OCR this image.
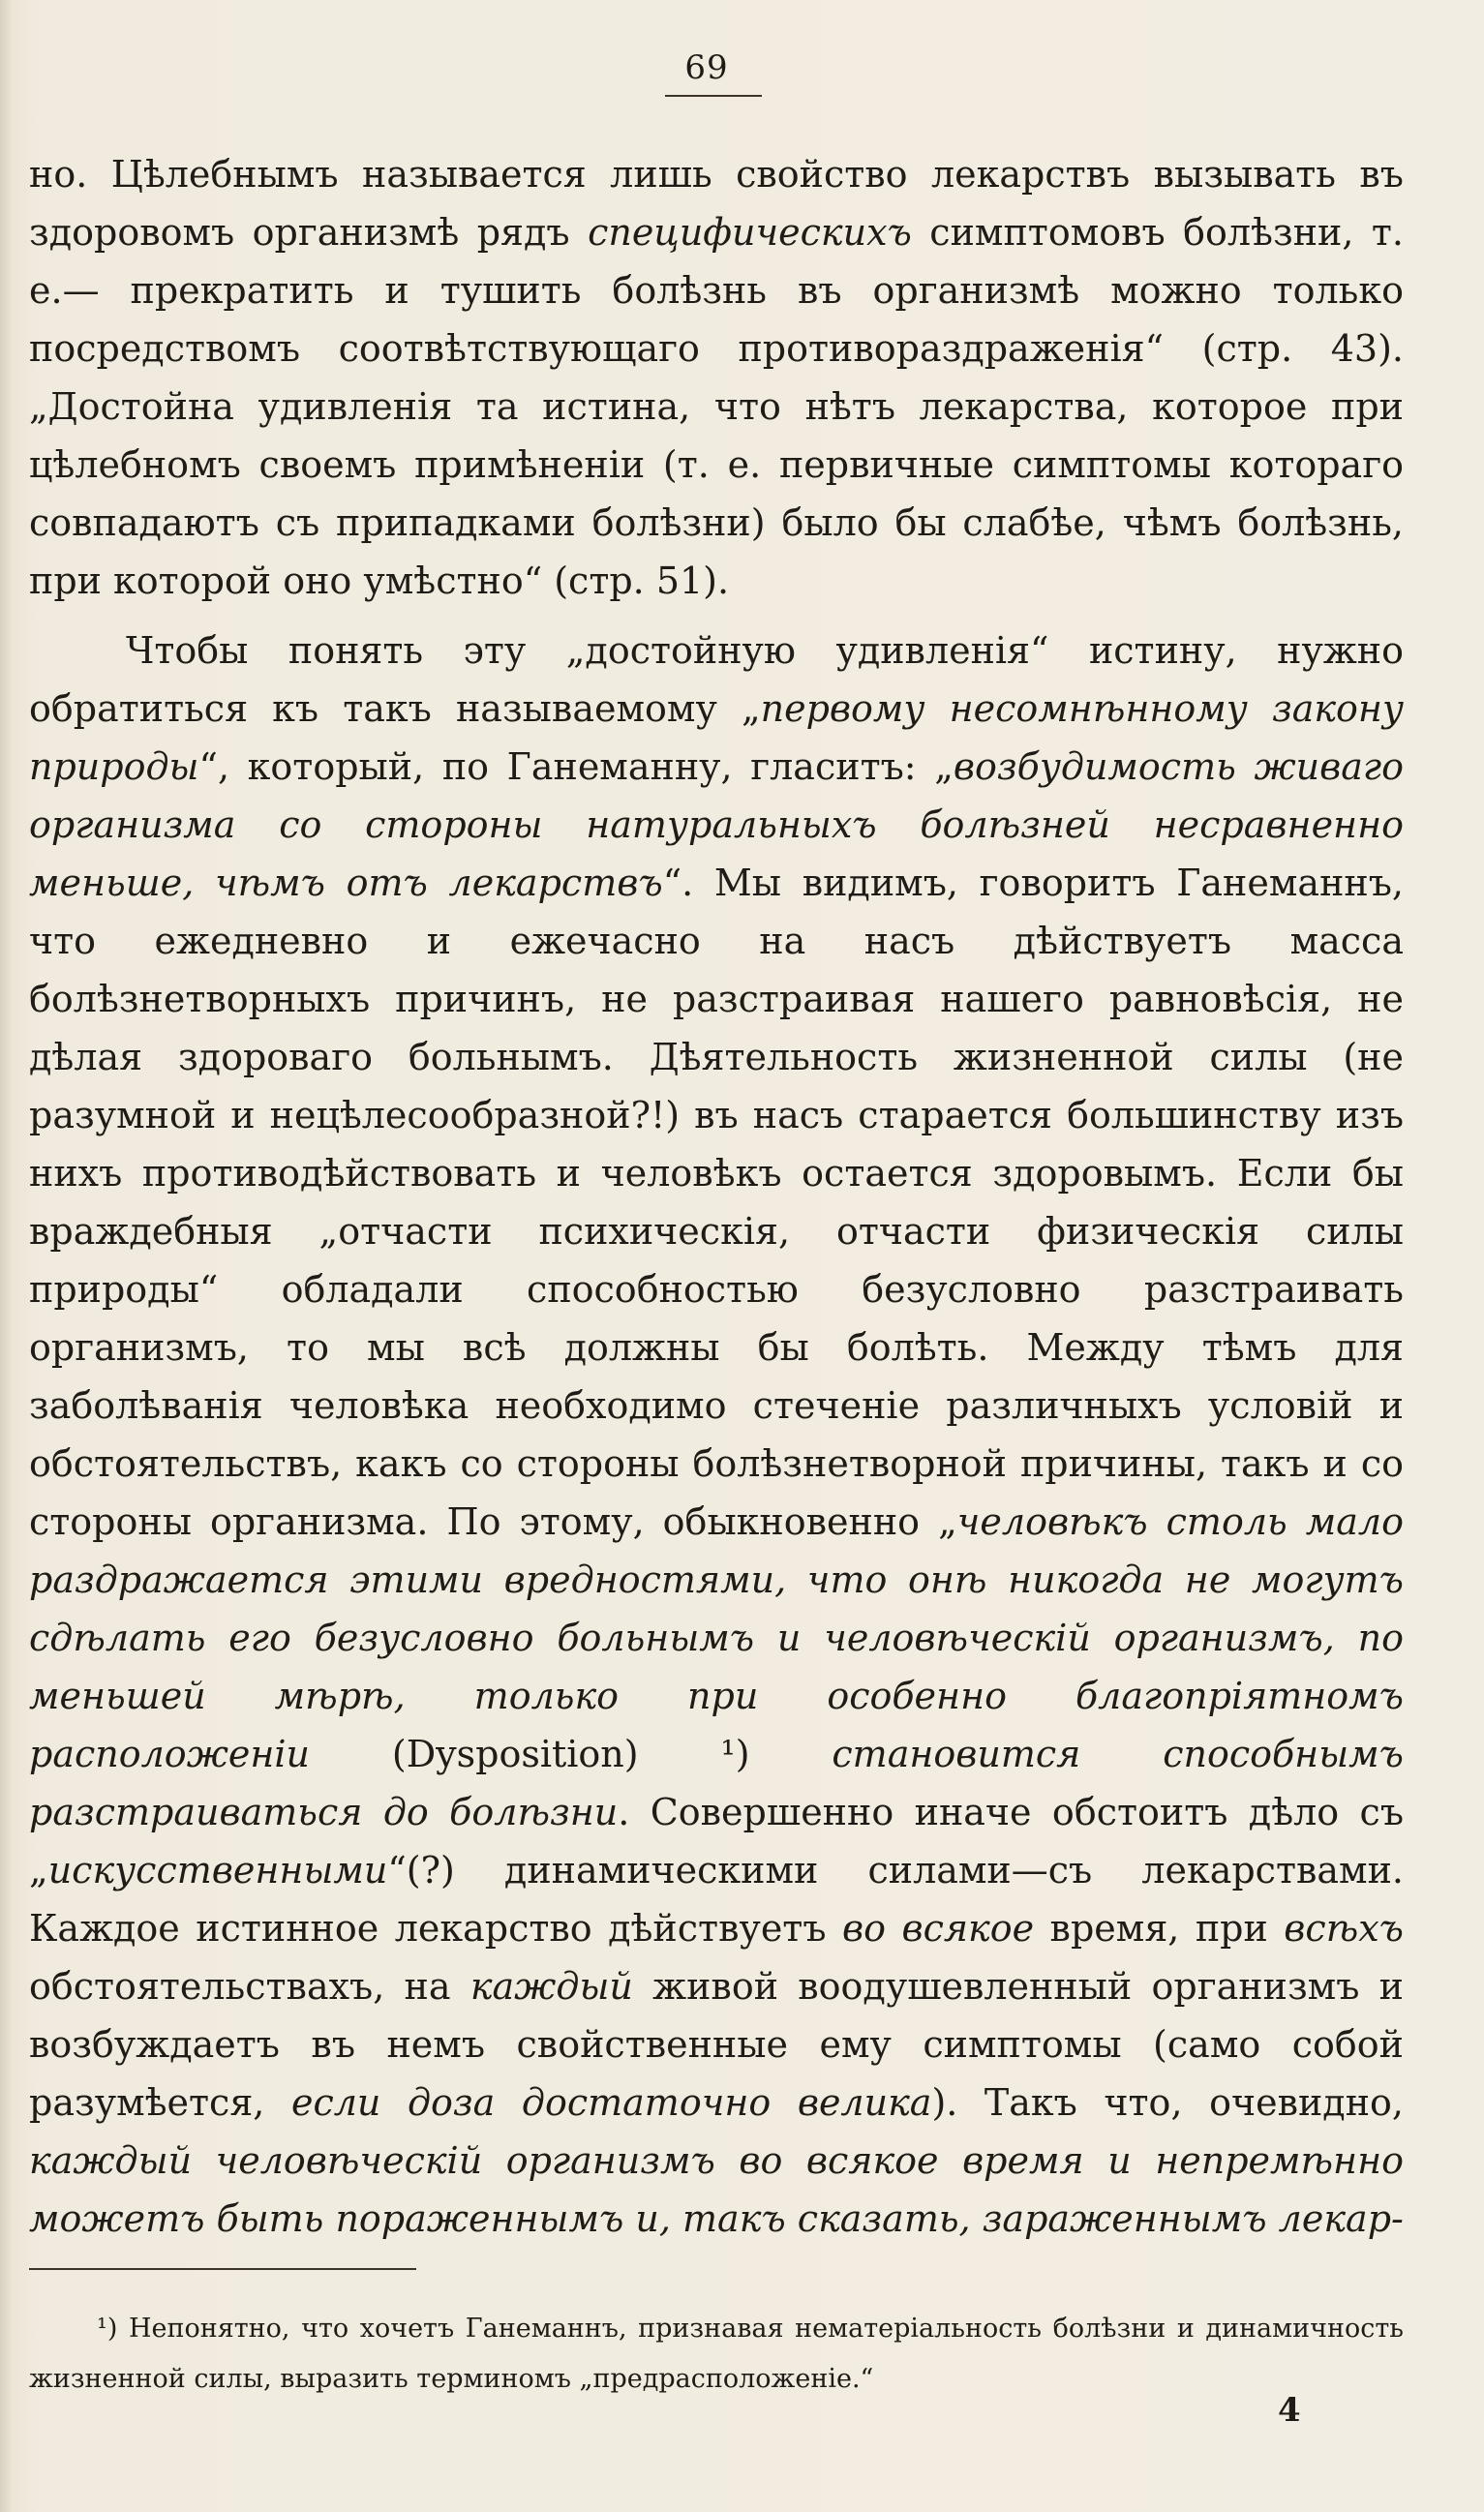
69

но. Цѣлебнымъ называется лишь свойство лекарствъ вызывать въ здоровомъ организмѣ рядъ специфическихъ симптомовъ болѣзни, т. е.— прекратить и тушить болѣзнь въ организмѣ можно только посредствомъ соотвѣтствующаго противораздраженія“ (стр. 43). „Достойна удивленія та истина, что нѣтъ лекарства, которое при цѣлебномъ своемъ примѣненіи (т. е. первичные симптомы котораго совпадаютъ съ припадками болѣзни) было бы слабѣе, чѣмъ болѣзнь, при которой оно умѣстно“ (стр. 51).

Чтобы понять эту „достойную удивленія“ истину, нужно обратиться къ такъ называемому „первому несомнѣнному закону природы“, который, по Ганеманну, гласитъ: „возбудимость живаго организма со стороны натуральныхъ болѣзней несравненно меньше, чѣмъ отъ лекарствъ“. Мы видимъ, говоритъ Ганеманнъ, что ежедневно и ежечасно на насъ дѣйствуетъ масса болѣзнетворныхъ причинъ, не разстраивая нашего равновѣсія, не дѣлая здороваго больнымъ. Дѣятельность жизненной силы (не разумной и нецѣлесообразной?!) въ насъ старается большинству изъ нихъ противодѣйствовать и человѣкъ остается здоровымъ. Если бы враждебныя „отчасти психическія, отчасти физическія силы природы“ обладали способностью безусловно разстраивать организмъ, то мы всѣ должны бы болѣть. Между тѣмъ для заболѣванія человѣка необходимо стеченіе различныхъ условій и обстоятельствъ, какъ со стороны болѣзнетворной причины, такъ и со стороны организма. По этому, обыкновенно „человѣкъ столь мало раздражается этими вредностями, что онѣ никогда не могутъ сдѣлать его безусловно больнымъ и человѣческій организмъ, по меньшей мѣрѣ, только при особенно благопріятномъ расположеніи (Dysposition) ¹) становится способнымъ разстраиваться до болѣзни. Совершенно иначе обстоитъ дѣло съ „искусственными“(?) динамическими силами—съ лекарствами. Каждое истинное лекарство дѣйствуетъ во всякое время, при всѣхъ обстоятельствахъ, на каждый живой воодушевленный организмъ и возбуждаетъ въ немъ свойственные ему симптомы (само собой разумѣется, если доза достаточно велика). Такъ что, очевидно, каждый человѣческій организмъ во всякое время и непремѣнно можетъ быть пораженнымъ и, такъ сказать, зараженнымъ лекар-

¹) Непонятно, что хочетъ Ганеманнъ, признавая нематеріальность болѣзни и динамичность жизненной силы, выразить терминомъ „предрасположеніе.“

4
